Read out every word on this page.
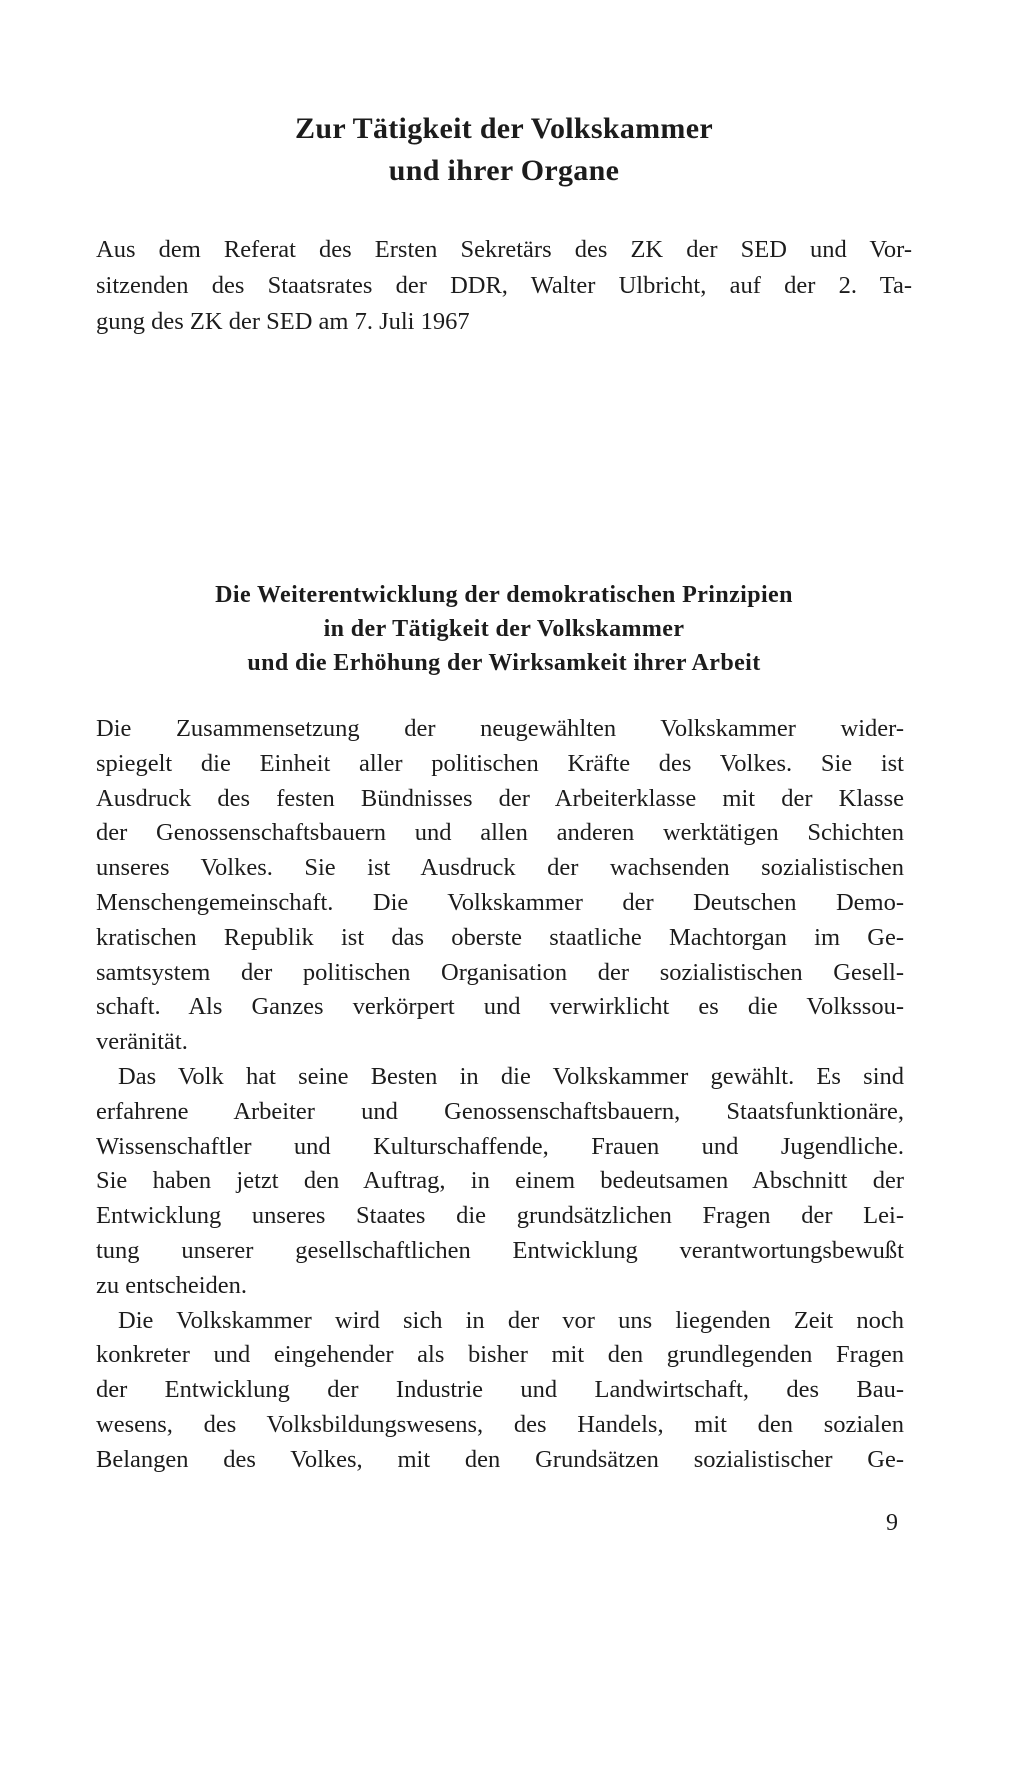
Zur Tätigkeit der Volkskammer
und ihrer Organe
Aus dem Referat des Ersten Sekretärs des ZK der SED und Vor-
sitzenden des Staatsrates der DDR, Walter Ulbricht, auf der 2. Ta-
gung des ZK der SED am 7. Juli 1967
Die Weiterentwicklung der demokratischen Prinzipien
in der Tätigkeit der Volkskammer
und die Erhöhung der Wirksamkeit ihrer Arbeit

Die Zusammensetzung der neugewählten Volkskammer wider-
spiegelt die Einheit aller politischen Kräfte des Volkes. Sie ist
Ausdruck des festen Bündnisses der Arbeiterklasse mit der Klasse
der Genossenschaftsbauern und allen anderen werktätigen Schichten
unseres Volkes. Sie ist Ausdruck der wachsenden sozialistischen
Menschengemeinschaft. Die Volkskammer der Deutschen Demo-
kratischen Republik ist das oberste staatliche Machtorgan im Ge-
samtsystem der politischen Organisation der sozialistischen Gesell-
schaft. Als Ganzes verkörpert und verwirklicht es die Volkssou-
veränität.

Das Volk hat seine Besten in die Volkskammer gewählt. Es sind
erfahrene Arbeiter und Genossenschaftsbauern, Staatsfunktionäre,
Wissenschaftler und Kulturschaffende, Frauen und Jugendliche.
Sie haben jetzt den Auftrag, in einem bedeutsamen Abschnitt der
Entwicklung unseres Staates die grundsätzlichen Fragen der Lei-
tung unserer gesellschaftlichen Entwicklung verantwortungsbewußt
zu entscheiden.

Die Volkskammer wird sich in der vor uns liegenden Zeit noch
konkreter und eingehender als bisher mit den grundlegenden Fragen
der Entwicklung der Industrie und Landwirtschaft, des Bau-
wesens, des Volksbildungswesens, des Handels, mit den sozialen
Belangen des Volkes, mit den Grundsätzen sozialistischer Ge-

9
